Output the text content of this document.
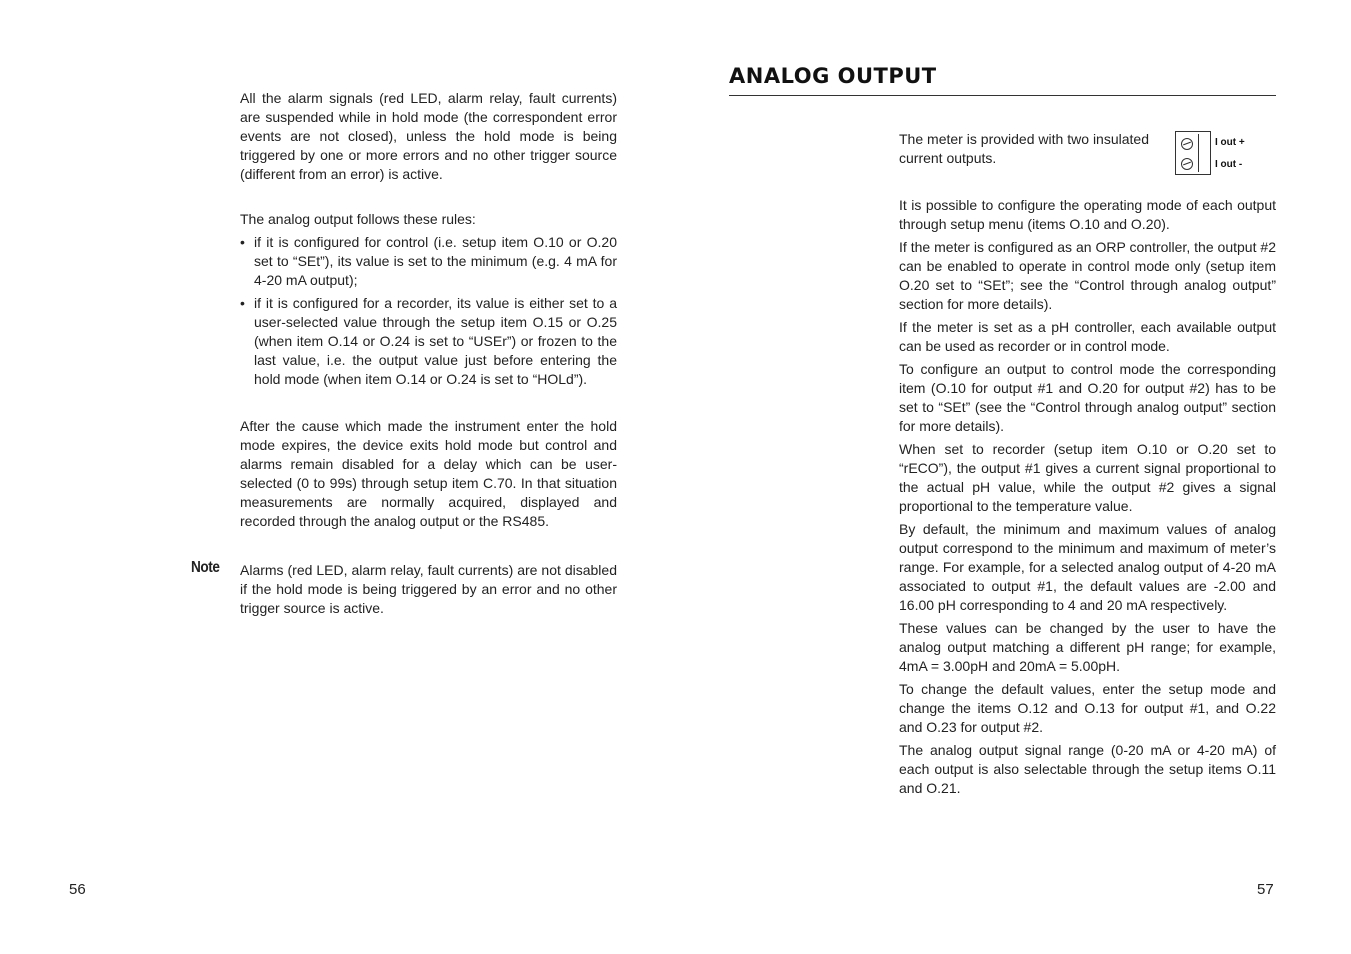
All the alarm signals (red LED, alarm relay, fault currents) are suspended while in hold mode (the correspondent error events are not closed), unless the hold mode is being triggered by one or more errors and no other trigger source (different from an error) is active.

The analog output follows these rules:

• if it is configured for control (i.e. setup item O.10 or O.20 set to “SEt”), its value is set to the minimum (e.g. 4 mA for 4-20 mA output);
• if it is configured for a recorder, its value is either set to a user-selected value through the setup item O.15 or O.25 (when item O.14 or O.24 is set to “USEr”) or frozen to the last value, i.e. the output value just before entering the hold mode (when item O.14 or O.24 is set to “HOLd”).

After the cause which made the instrument enter the hold mode expires, the device exits hold mode but control and alarms remain disabled for a delay which can be user-selected (0 to 99s) through setup item C.70. In that situation measurements are normally acquired, displayed and recorded through the analog output or the RS485.

Note Alarms (red LED, alarm relay, fault currents) are not disabled if the hold mode is being triggered by an error and no other trigger source is active.

56
ANALOG OUTPUT

The meter is provided with two insulated current outputs.

I out +
I out -

It is possible to configure the operating mode of each output through setup menu (items O.10 and O.20).

If the meter is configured as an ORP controller, the output #2 can be enabled to operate in control mode only (setup item O.20 set to “SEt”; see the “Control through analog output” section for more details).

If the meter is set as a pH controller, each available output can be used as recorder or in control mode.

To configure an output to control mode the corresponding item (O.10 for output #1 and O.20 for output #2) has to be set to “SEt” (see the “Control through analog output” section for more details).

When set to recorder (setup item O.10 or O.20 set to “rECO”), the output #1 gives a current signal proportional to the actual pH value, while the output #2 gives a signal proportional to the temperature value.

By default, the minimum and maximum values of analog output correspond to the minimum and maximum of meter’s range. For example, for a selected analog output of 4-20 mA associated to output #1, the default values are -2.00 and 16.00 pH corresponding to 4 and 20 mA respectively.

These values can be changed by the user to have the analog output matching a different pH range; for example, 4mA = 3.00pH and 20mA = 5.00pH.

To change the default values, enter the setup mode and change the items O.12 and O.13 for output #1, and O.22 and O.23 for output #2.

The analog output signal range (0-20 mA or 4-20 mA) of each output is also selectable through the setup items O.11 and O.21.

57
